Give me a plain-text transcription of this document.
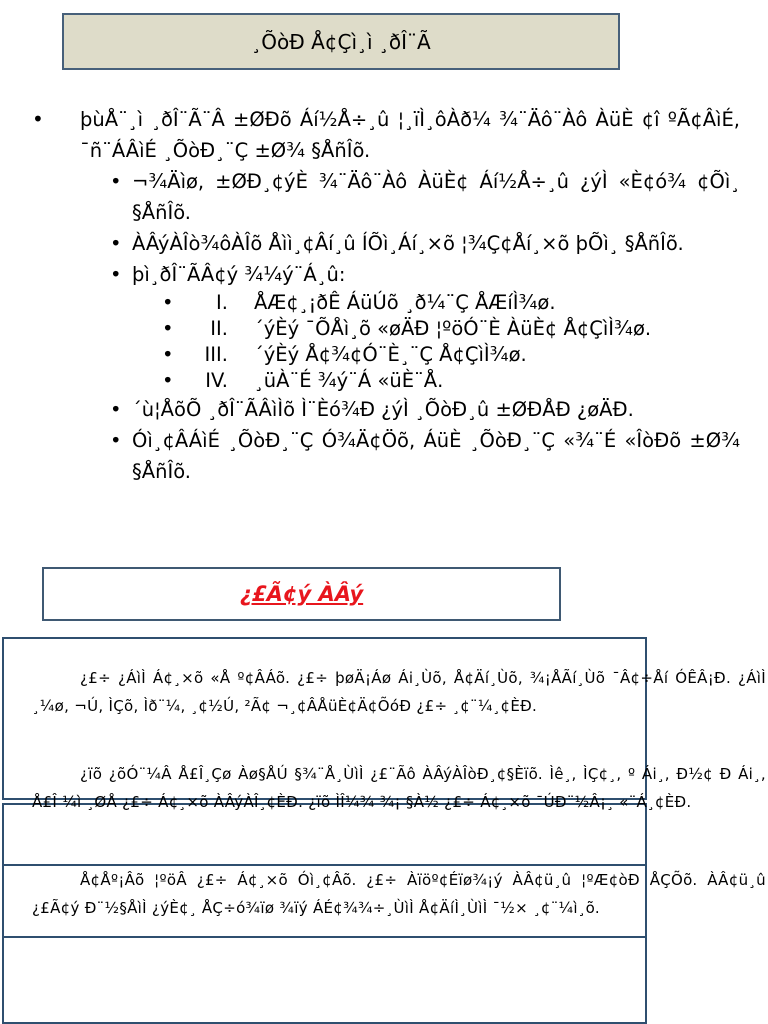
¸ÕòÐ Å¢Çì¸ì ¸ðÎ¨Ã
• þùÅ¨¸ì ¸ðÎ¨Ã¨Â ±ØÐõ Áí½Å÷¸û ¦¸ïÌ¸ôÀð¼ ¾¨Äô¨Àô ÀüÈ ¢î ºÃ¢ÂìÉ, ¯ñ¨ÁÂìÉ ¸ÕòÐ¸¨Ç ±Ø¾ §ÅñÎõ.
• ¬¾Äìø, ±ØÐ¸¢ýÈ ¾¨Äô¨Àô ÀüÈ¢ Áí½Å÷¸û ¿ýÌ «È¢ó¾ ¢Õì¸ §ÅñÎõ.
• ÀÂýÀÎò¾ôÀÎõ Åìì¸¢Âí¸û ÍÕì¸Áí¸×õ ¦¾Ç¢Åí¸×õ þÕì¸ §ÅñÎõ.
• þì¸ðÎ¨ÃÂ¢ý ¾¼ý¨Á¸û:
• I.	ÅÆ¢¸¡ðÊ ÁüÚõ ¸ð¼¨Ç ÅÆíÌ¾ø.
• II.	´ýÈý ¯ÕÅì¸õ «øÄÐ ¦ºöÓ¨È ÀüÈ¢ Å¢ÇìÌ¾ø.
• III.	´ýÈý Å¢¾¢Ó¨È¸¨Ç Å¢ÇìÌ¾ø.
• IV.	¸üÀ¨É ¾ý¨Á «üÈ¨Å.
• ´ù¦ÅõÕ ¸ðÎ¨ÃÂìÌõ Ì¨Èó¾Ð ¿ýÌ ¸ÕòÐ¸û ±ØÐÅÐ ¿øÄÐ.
• Óì¸¢ÂÁìÉ ¸ÕòÐ¸¨Ç Ó¾Ä¢Öõ, ÁüÈ ¸ÕòÐ¸¨Ç «¾¨É «ÎòÐõ ±Ø¾ §ÅñÎõ.
¿£Ã¢ý ÀÂý

¿£÷ ¿ÁìÌ Á¢¸×õ «Å º¢ÂÁõ. ¿£÷ þøÄ¡Áø Ái¸Ùõ, Å¢Äí¸Ùõ, ¾¡ÅÃí¸Ùõ ¯Â¢÷Åí ÓÊÂ¡Ð. ¿ÁìÌ ¸¼ø, ¬Ú, ÌÇõ, Ìð¨¼, ¸¢½Ú, ²Ã¢ ¬¸¢ÂÅüÈ¢Ä¢ÕóÐ ¿£÷ ¸¢¨¼¸¢ÈÐ.

¿ïõ ¿õÓ¨¼Â Å£Î¸Çø Àø§ÅÚ §¾¨Å¸ÙìÌ ¿£¨Ãô ÀÂýÀÎòÐ¸¢§Èïõ. Ìê¸, ÌÇ¢¸, º Ái¸, Ð½¢ Ð Ái¸, Å£Î ¼ì ¸ØÅ ¿£÷ Á¢¸×õ ÀÂýÀÎ¸¢ÈÐ. ¿ïõ ÌÎ¼¾ ¾¡ §À½ ¿£÷ Á¢¸×õ ¯ÚÐ¨½Â¡¸ «¨Á¸¢ÈÐ.

Å¢Åº¡Âõ ¦ºöÂ ¿£÷ Á¢¸×õ Óì¸¢Âõ. ¿£÷ Àïöº¢Éïø¾¡ý ÀÂ¢ü¸û ¦ºÆ¢òÐ ÅÇÕõ. ÀÂ¢ü¸û ¿£Ã¢ý Ð¨½§ÅìÌ ¿ýÈ¢¸ ÅÇ÷ó¾ïø ¾ïý ÁÉ¢¾¾÷¸ÙìÌ Å¢ÄíÌ¸ÙìÌ ¯½× ¸¢¨¼ì¸õ.
